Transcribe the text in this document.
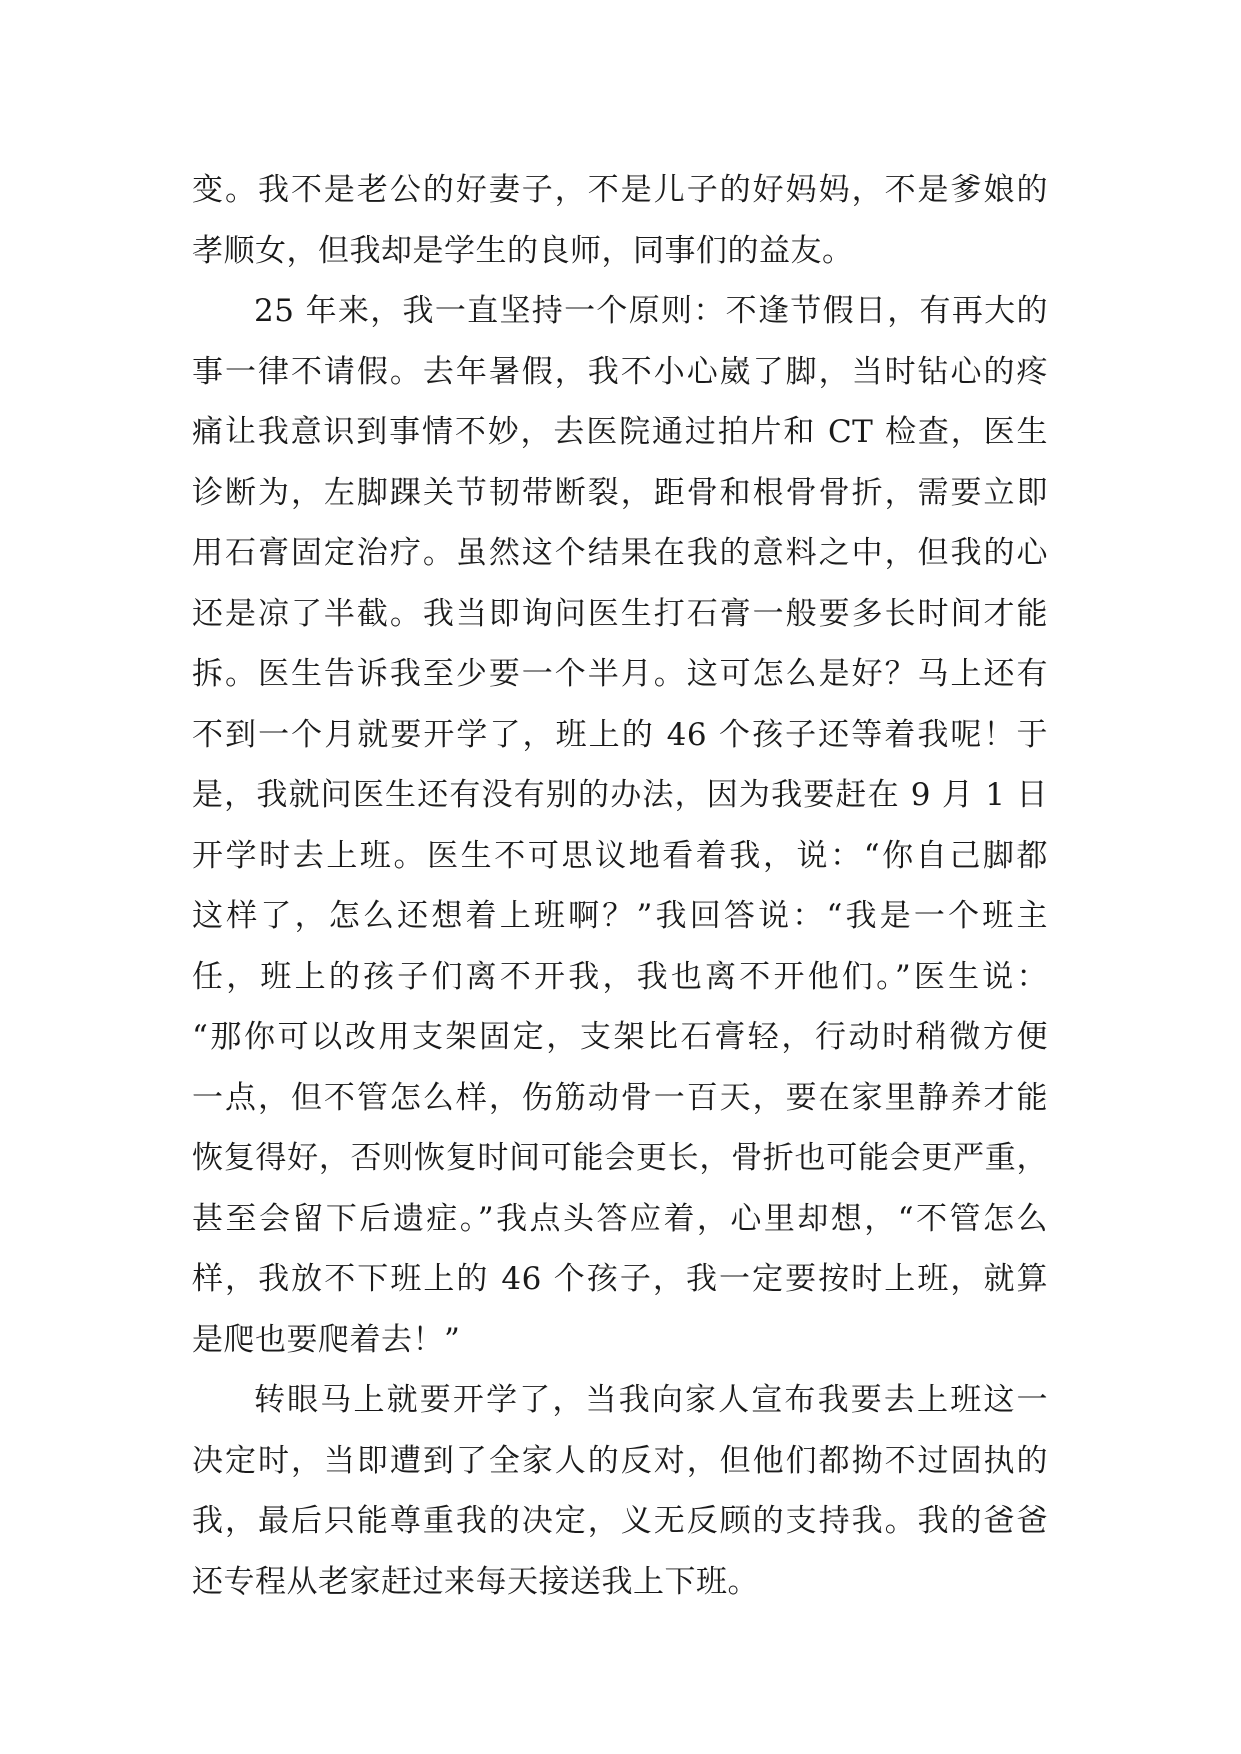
变。我不是老公的好妻子，不是儿子的好妈妈，不是爹娘的
孝顺女，但我却是学生的良师，同事们的益友。
25 年来，我一直坚持一个原则：不逢节假日，有再大的
事一律不请假。去年暑假，我不小心崴了脚，当时钻心的疼
痛让我意识到事情不妙，去医院通过拍片和 CT 检查，医生
诊断为，左脚踝关节韧带断裂，距骨和根骨骨折，需要立即
用石膏固定治疗。虽然这个结果在我的意料之中，但我的心
还是凉了半截。我当即询问医生打石膏一般要多长时间才能
拆。医生告诉我至少要一个半月。这可怎么是好？马上还有
不到一个月就要开学了，班上的 46 个孩子还等着我呢！于
是，我就问医生还有没有别的办法，因为我要赶在 9 月 1 日
开学时去上班。医生不可思议地看着我，说：“你自己脚都
这样了，怎么还想着上班啊？”我回答说：“我是一个班主
任，班上的孩子们离不开我，我也离不开他们。”医生说：
“那你可以改用支架固定，支架比石膏轻，行动时稍微方便
一点，但不管怎么样，伤筋动骨一百天，要在家里静养才能
恢复得好，否则恢复时间可能会更长，骨折也可能会更严重，
甚至会留下后遗症。”我点头答应着，心里却想，“不管怎么
样，我放不下班上的 46 个孩子，我一定要按时上班，就算
是爬也要爬着去！”
转眼马上就要开学了，当我向家人宣布我要去上班这一
决定时，当即遭到了全家人的反对，但他们都拗不过固执的
我，最后只能尊重我的决定，义无反顾的支持我。我的爸爸
还专程从老家赶过来每天接送我上下班。
